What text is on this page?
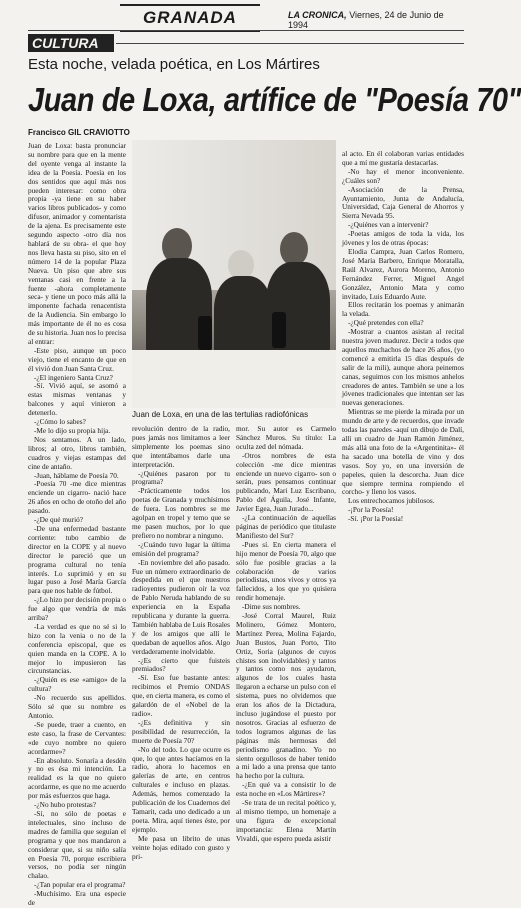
GRANADA	LA CRONICA, Viernes, 24 de Junio de 1994
CULTURA
Esta noche, velada poética, en Los Mártires
Juan de Loxa, artífice de "Poesía 70"
Francisco GIL CRAVIOTTO

Juan de Loxa: basta pronunciar su nombre para que en la mente del oyente venga al instante la idea de la Poesía. Poesía en los dos sentidos que aquí más nos pueden interesar: como obra propia -ya tiene en su haber varios libros publicados- y como difusor, animador y comentarista de la ajena. Es precisamente este segundo aspecto -otro día nos hablará de su obra- el que hoy nos lleva hasta su piso, sito en el número 14 de la popular Plaza Nueva. Un piso que abre sus ventanas casi en frente a la fuente -ahora completamente seca- y tiene un poco más allá la imponente fachada renacentista de la Audiencia. Sin embargo lo más importante de él no es cosa de su historia. Juan nos lo precisa al entrar:

-Este piso, aunque un poco viejo, tiene el encanto de que en él vivió don Juan Santa Cruz.

-¿El ingeniero Santa Cruz?

-Sí. Vivió aquí, se asomó a estas mismas ventanas y balcones y aquí vinieron a detenerlo.

-¿Cómo lo sabes?

-Me lo dijo su propia hija.

Nos sentamos. A un lado, libros; al otro, libros también, cuadros y viejas estampas del cine de antaño.

-Juan, háblame de Poesía 70.

-Poesía 70 -me dice mientras enciende un cigarro- nació hace 26 años en ocho de otoño del año pasado.

-¿De qué murió?

-De una enfermedad bastante corriente: tubo cambio de director en la COPE y al nuevo director le pareció que un programa cultural no tenía interés. Lo suprimió y en su lugar puso a José María García para que nos hable de fútbol.

-¿Lo hizo por decisión propia o fue algo que vendría de más arriba?

-La verdad es que no sé si lo hizo con la venia o no de la conferencia episcopal, que es quien manda en la COPE. A lo mejor lo impusieron las circunstancias.

-¿Quién es ese «amigo» de la cultura?

-No recuerdo sus apellidos. Sólo sé que su nombre es Antonio.

-Se puede, traer a cuento, en este caso, la frase de Cervantes: «de cuyo nombre no quiero acordarme»?

-En absoluto. Sonaría a desdén y no es ésa mi intención. La realidad es la que no quiero acordarme, es que no me acuerdo por más esfuerzos que haga.

-¿No hubo protestas?

-Sí, no sólo de poetas e intelectuales, sino incluso de madres de familia que seguían el programa y que nos mandaron a considerar que, si su niño salía en Poesía 70, porque escribiera versos, no podía ser ningún chalao.

-¿Tan popular era el programa?

-Muchísimo. Era una especie de

Juan de Loxa, en una de las tertulias radiofónicas

revolución dentro de la radio, pues jamás nos limitamos a leer simplemente los poemas sino que intentábamos darle una interpretación.

-¿Quiénes pasaron por tu programa?

-Prácticamente todos los poetas de Granada y muchísimos de fuera. Los nombres se me agolpan en tropel y temo que se me pasen muchos, por lo que prefiero no nombrar a ninguno.

-¿Cuándo tuvo lugar la última emisión del programa?

-En noviembre del año pasado. Fue un número extraordinario de despedida en el que nuestros radioyentes pudieron oír la voz de Pablo Neruda hablando de su experiencia en la España republicana y durante la guerra. También hablaba de Luis Rosales y de los amigos que allí le quedaban de aquellos años. Algo verdaderamente inolvidable.

-¿Es cierto que fuisteis premiados?

-Sí. Eso fue bastante antes: recibimos el Premio ONDAS que, en cierta manera, es como el galardón de el «Nobel de la radio».

-¿Es definitiva y sin posibilidad de resurrección, la muerte de Poesía 70?

-No del todo. Lo que ocurre es que, lo que antes hacíamos en la radio, ahora lo hacemos en galerías de arte, en centros culturales e incluso en plazas. Además, hemos comenzado la publicación de los Cuadernos del Tamarit, cada uno dedicado a un poeta. Mira, aquí tienes éste, por ejemplo.

Me pasa un librito de unas veinte hojas editado con gusto y pri-

mor. Su autor es Carmelo Sánchez Muros. Su título: La oculta zed del nómada.

-Otros nombres de esta colección -me dice mientras enciende un nuevo cigarro- son o serán, pues pensamos continuar publicando, Mari Luz Escribano, Pablo del Águila, José Infante, Javier Egea, Juan Jurado...

-¿La continuación de aquellas páginas de periódico que titulaste Manifiesto del Sur?

-Pues sí. En cierta manera el hijo menor de Poesía 70, algo que sólo fue posible gracias a la colaboración de varios periodistas, unos vivos y otros ya fallecidos, a los que yo quisiera rendir homenaje.

-Dime sus nombres.

-José Corral Maurel, Ruiz Molinero, Gómez Montero, Martínez Perea, Molina Fajardo, Juan Bustos, Juan Porto, Tito Ortiz, Soria (algunos de cuyos chistes son inolvidables) y tantos y tantos como nos ayudaron, algunos de los cuales hasta llegaron a echarse un pulso con el sistema, pues no olvidemos que eran los años de la Dictadura, incluso jugándose el puesto por nosotros. Gracias al esfuerzo de todos logramos algunas de las páginas más hermosas del periodismo granadino. Yo no siento orgullosos de haber tenido a mi lado a una prensa que tanto ha hecho por la cultura.

-¿En qué va a consistir lo de esta noche en «Los Mártires»?

-Se trata de un recital poético y, al mismo tiempo, un homenaje a una figura de excepcional importancia: Elena Martín Vivaldi, que espero pueda asistir

al acto. En él colaboran varias entidades que a mí me gustaría destacarlas.

-No hay el menor inconveniente. ¿Cuáles son?

-Asociación de la Prensa, Ayuntamiento, Junta de Andalucía, Universidad, Caja General de Ahorros y Sierra Nevada 95.

-¿Quiénes van a intervenir?

-Poetas amigos de toda la vida, los jóvenes y los de otras épocas:

Elodia Campra, Juan Carlos Romero, José María Barbero, Enrique Moratalla, Raúl Alvarez, Aurora Moreno, Antonio Fernández Ferrer, Miguel Angel González, Antonio Mata y como invitado, Luis Eduardo Aute.

Ellos recitarán los poemas y animarán la velada.

-¿Qué pretendes con ella?

-Mostrar a cuantos asistan al recital nuestra joven madurez. Decir a todos que aquellos muchachos de hace 26 años, (yo comencé a emitirla 15 días después de salir de la mili), aunque ahora peinemos canas, seguimos con los mismos anhelos creadores de antes. También se une a los jóvenes tradicionales que intentan ser las nuevas generaciones.

Mientras se me pierde la mirada por un mundo de arte y de recuerdos, que invade todas las paredes -aquí un dibujo de Dalí, allí un cuadro de Juan Ramón Jiménez, más allá una foto de la «Argentinita»- él ha sacado una botella de vino y dos vasos. Soy yo, en una inversión de papeles, quien la descorcha. Juan dice que siempre termina rompiendo el corcho- y lleno los vasos.

Los entrechocamos jubilosos.

-¡Por la Poesía!

-Sí. ¡Por la Poesía!
